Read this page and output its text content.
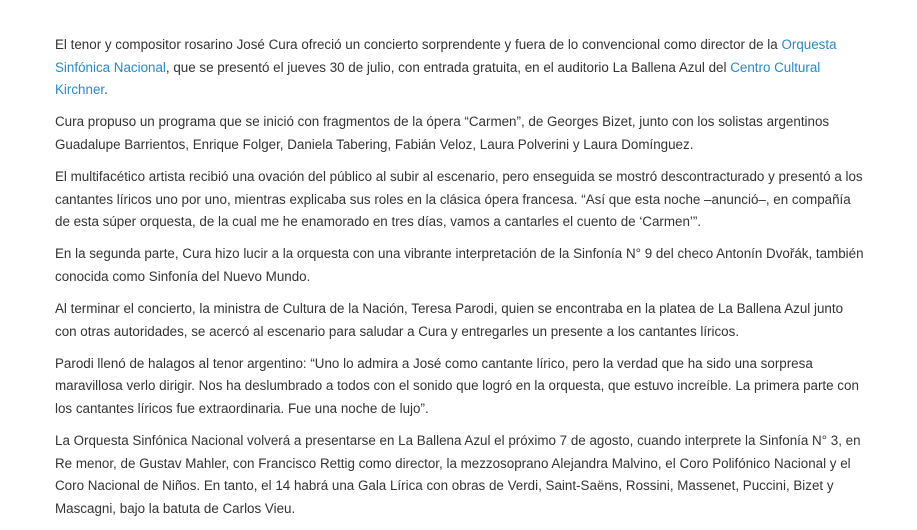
El tenor y compositor rosarino José Cura ofreció un concierto sorprendente y fuera de lo convencional como director de la Orquesta Sinfónica Nacional, que se presentó el jueves 30 de julio, con entrada gratuita, en el auditorio La Ballena Azul del Centro Cultural Kirchner.

Cura propuso un programa que se inició con fragmentos de la ópera “Carmen”, de Georges Bizet, junto con los solistas argentinos Guadalupe Barrientos, Enrique Folger, Daniela Tabering, Fabián Veloz, Laura Polverini y Laura Domínguez.

El multifacético artista recibió una ovación del público al subir al escenario, pero enseguida se mostró descontracturado y presentó a los cantantes líricos uno por uno, mientras explicaba sus roles en la clásica ópera francesa. “Así que esta noche –anunció–, en compañía de esta súper orquesta, de la cual me he enamorado en tres días, vamos a cantarles el cuento de ‘Carmen’”.

En la segunda parte, Cura hizo lucir a la orquesta con una vibrante interpretación de la Sinfonía N° 9 del checo Antonín Dvořák, también conocida como Sinfonía del Nuevo Mundo.

Al terminar el concierto, la ministra de Cultura de la Nación, Teresa Parodi, quien se encontraba en la platea de La Ballena Azul junto con otras autoridades, se acercó al escenario para saludar a Cura y entregarles un presente a los cantantes líricos.

Parodi llenó de halagos al tenor argentino: “Uno lo admira a José como cantante lírico, pero la verdad que ha sido una sorpresa maravillosa verlo dirigir. Nos ha deslumbrado a todos con el sonido que logró en la orquesta, que estuvo increíble. La primera parte con los cantantes líricos fue extraordinaria. Fue una noche de lujo”.

La Orquesta Sinfónica Nacional volverá a presentarse en La Ballena Azul el próximo 7 de agosto, cuando interprete la Sinfonía N° 3, en Re menor, de Gustav Mahler, con Francisco Rettig como director, la mezzosoprano Alejandra Malvino, el Coro Polifónico Nacional y el Coro Nacional de Niños. En tanto, el 14 habrá una Gala Lírica con obras de Verdi, Saint-Saëns, Rossini, Massenet, Puccini, Bizet y Mascagni, bajo la batuta de Carlos Vieu.
